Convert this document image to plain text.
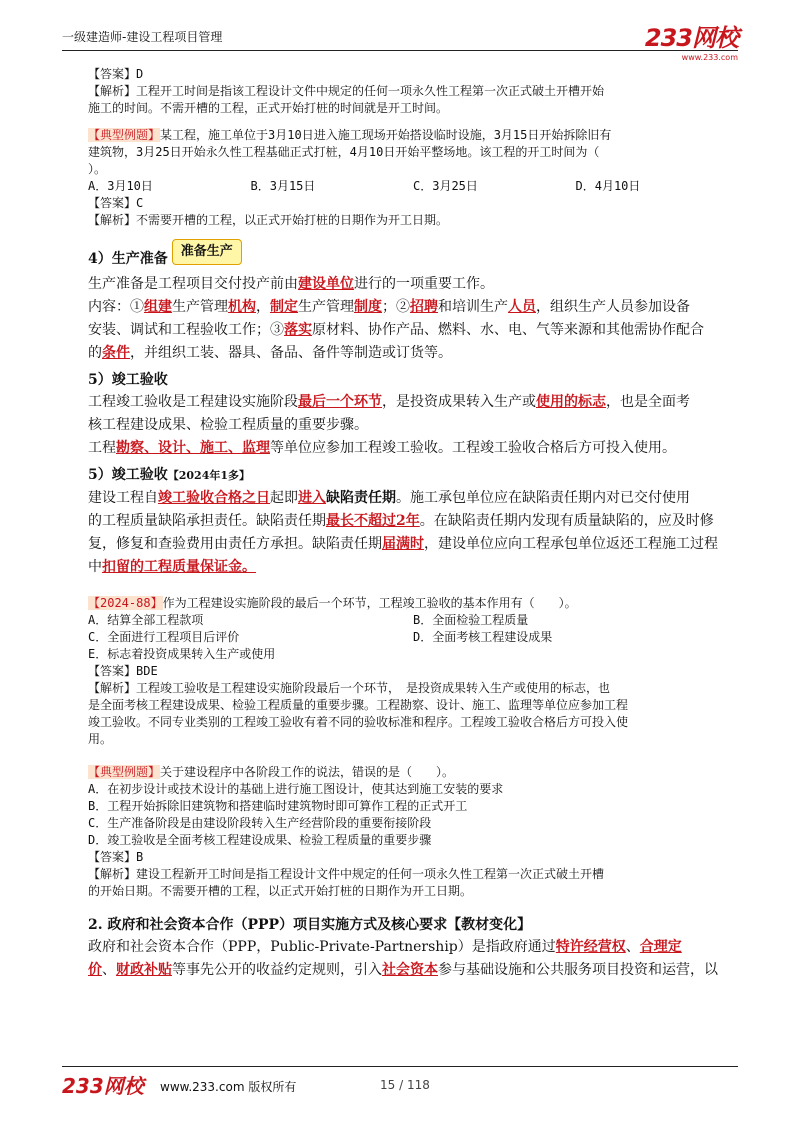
一级建造师-建设工程项目管理	233网校
www.233.com
【答案】D
【解析】工程开工时间是指该工程设计文件中规定的任何一项永久性工程第一次正式破土开槽开始
施工的时间。不需开槽的工程，正式开始打桩的时间就是开工时间。
【典型例题】某工程，施工单位于3月10日进入施工现场开始搭设临时设施，3月15日开始拆除旧有
建筑物，3月25日开始永久性工程基础正式打桩，4月10日开始平整场地。该工程的开工时间为（
）。
A．3月10日	B．3月15日	C．3月25日	D．4月10日
【答案】C
【解析】不需要开槽的工程，以正式开始打桩的日期作为开工日期。
4）生产准备 准备生产
生产准备是工程项目交付投产前由建设单位进行的一项重要工作。
内容：①组建生产管理机构，制定生产管理制度；②招聘和培训生产人员，组织生产人员参加设备
安装、调试和工程验收工作；③落实原材料、协作产品、燃料、水、电、气等来源和其他需协作配合
的条件，并组织工装、器具、备品、备件等制造或订货等。
5）竣工验收
工程竣工验收是工程建设实施阶段最后一个环节，是投资成果转入生产或使用的标志，也是全面考
核工程建设成果、检验工程质量的重要步骤。
工程勘察、设计、施工、监理等单位应参加工程竣工验收。工程竣工验收合格后方可投入使用。
5）竣工验收【2024年1多】
建设工程自竣工验收合格之日起即进入缺陷责任期。施工承包单位应在缺陷责任期内对已交付使用
的工程质量缺陷承担责任。缺陷责任期最长不超过2年。在缺陷责任期内发现有质量缺陷的，应及时修
复，修复和查验费用由责任方承担。缺陷责任期届满时，建设单位应向工程承包单位返还工程施工过程
中扣留的工程质量保证金。
【2024-88】作为工程建设实施阶段的最后一个环节，工程竣工验收的基本作用有（　　）。
A．结算全部工程款项	B．全面检验工程质量
C．全面进行工程项目后评价	D．全面考核工程建设成果
E．标志着投资成果转入生产或使用
【答案】BDE
【解析】工程竣工验收是工程建设实施阶段最后一个环节，　是投资成果转入生产或使用的标志，也
是全面考核工程建设成果、检验工程质量的重要步骤。工程勘察、设计、施工、监理等单位应参加工程
竣工验收。不同专业类别的工程竣工验收有着不同的验收标准和程序。工程竣工验收合格后方可投入使
用。
【典型例题】关于建设程序中各阶段工作的说法，错误的是（　　）。
A．在初步设计或技术设计的基础上进行施工图设计，使其达到施工安装的要求
B．工程开始拆除旧建筑物和搭建临时建筑物时即可算作工程的正式开工
C．生产准备阶段是由建设阶段转入生产经营阶段的重要衔接阶段
D．竣工验收是全面考核工程建设成果、检验工程质量的重要步骤
【答案】B
【解析】建设工程新开工时间是指工程设计文件中规定的任何一项永久性工程第一次正式破土开槽
的开始日期。不需要开槽的工程，以正式开始打桩的日期作为开工日期。
2. 政府和社会资本合作（PPP）项目实施方式及核心要求【教材变化】
政府和社会资本合作（PPP，Public-Private-Partnership）是指政府通过特许经营权、合理定
价、财政补贴等事先公开的收益约定规则，引入社会资本参与基础设施和公共服务项目投资和运营，以
233网校 www.233.com 版权所有	15 / 118
